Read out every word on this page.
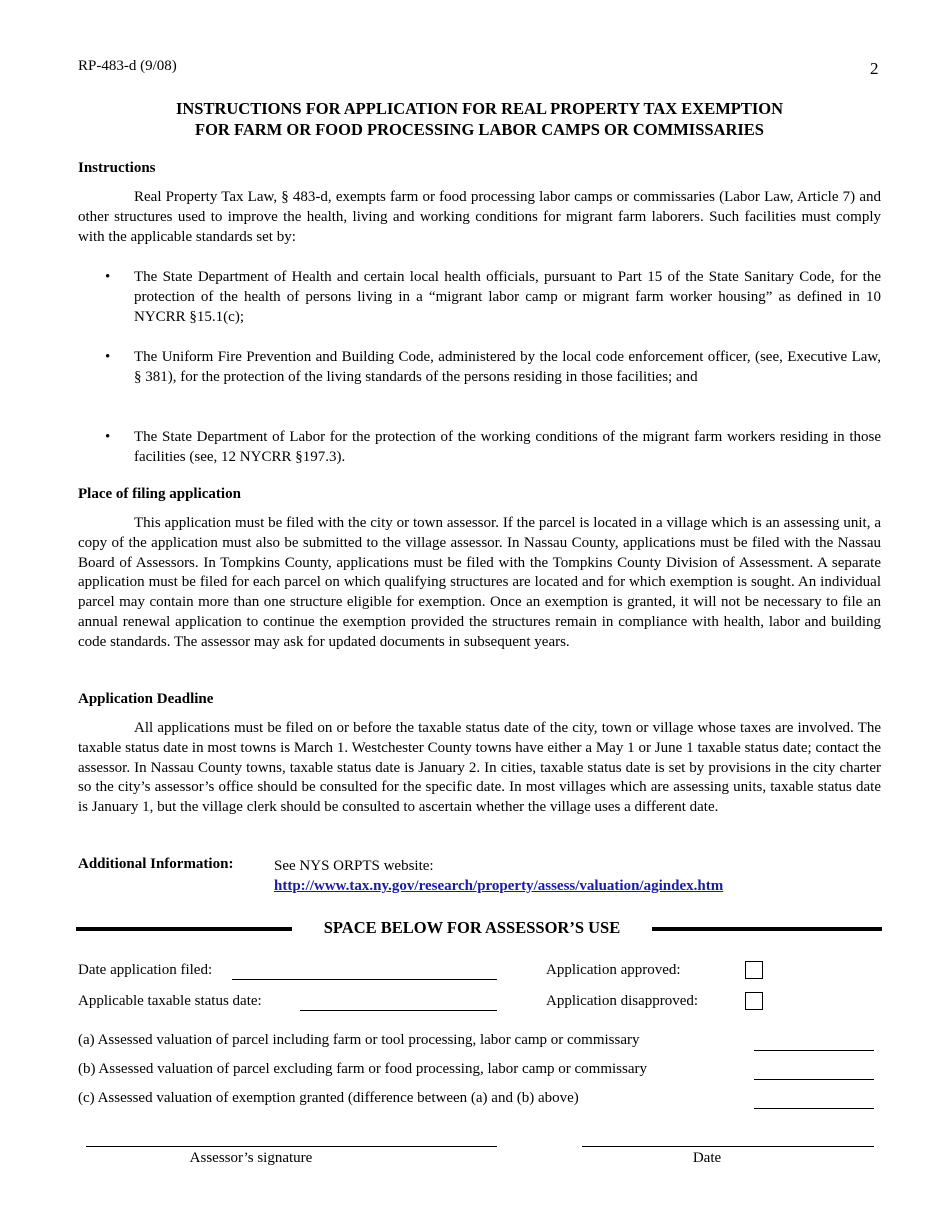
RP-483-d (9/08)	2
INSTRUCTIONS FOR APPLICATION FOR REAL PROPERTY TAX EXEMPTION
FOR FARM OR FOOD PROCESSING LABOR CAMPS OR COMMISSARIES
Instructions
Real Property Tax Law, § 483-d, exempts farm or food processing labor camps or commissaries (Labor Law, Article 7) and other structures used to improve the health, living and working conditions for migrant farm laborers. Such facilities must comply with the applicable standards set by:
• The State Department of Health and certain local health officials, pursuant to Part 15 of the State Sanitary Code, for the protection of the health of persons living in a “migrant labor camp or migrant farm worker housing” as defined in 10 NYCRR §15.1(c);
• The Uniform Fire Prevention and Building Code, administered by the local code enforcement officer, (see, Executive Law, § 381), for the protection of the living standards of the persons residing in those facilities; and
• The State Department of Labor for the protection of the working conditions of the migrant farm workers residing in those facilities (see, 12 NYCRR §197.3).
Place of filing application
This application must be filed with the city or town assessor. If the parcel is located in a village which is an assessing unit, a copy of the application must also be submitted to the village assessor. In Nassau County, applications must be filed with the Nassau Board of Assessors. In Tompkins County, applications must be filed with the Tompkins County Division of Assessment. A separate application must be filed for each parcel on which qualifying structures are located and for which exemption is sought. An individual parcel may contain more than one structure eligible for exemption. Once an exemption is granted, it will not be necessary to file an annual renewal application to continue the exemption provided the structures remain in compliance with health, labor and building code standards. The assessor may ask for updated documents in subsequent years.
Application Deadline
All applications must be filed on or before the taxable status date of the city, town or village whose taxes are involved. The taxable status date in most towns is March 1. Westchester County towns have either a May 1 or June 1 taxable status date; contact the assessor. In Nassau County towns, taxable status date is January 2. In cities, taxable status date is set by provisions in the city charter so the city’s assessor’s office should be consulted for the specific date. In most villages which are assessing units, taxable status date is January 1, but the village clerk should be consulted to ascertain whether the village uses a different date.
Additional Information:	See NYS ORPTS website:
http://www.tax.ny.gov/research/property/assess/valuation/agindex.htm
SPACE BELOW FOR ASSESSOR’S USE
Date application filed:
Applicable taxable status date:
Application approved:
Application disapproved:
(a) Assessed valuation of parcel including farm or tool processing, labor camp or commissary
(b) Assessed valuation of parcel excluding farm or food processing, labor camp or commissary
(c) Assessed valuation of exemption granted (difference between (a) and (b) above)
Assessor’s signature	Date
